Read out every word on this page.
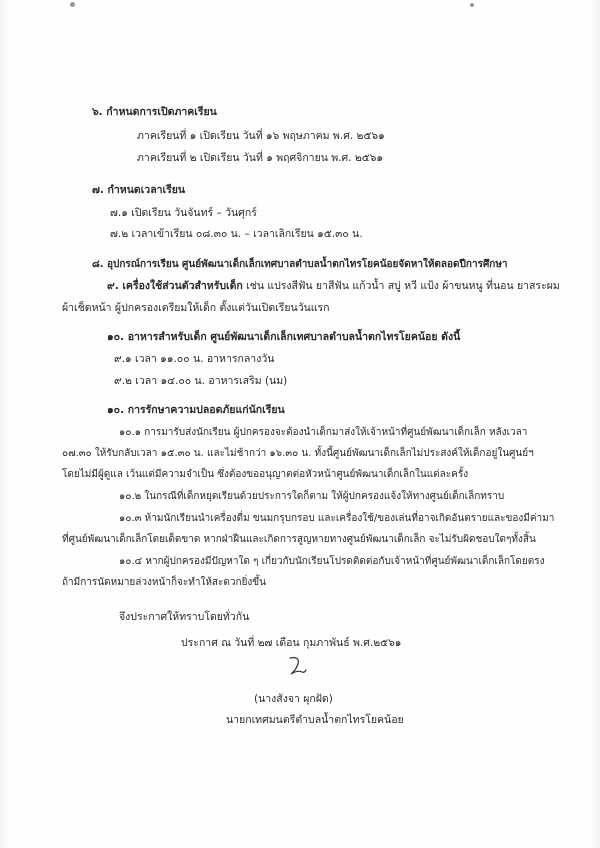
๖. กำหนดการเปิดภาคเรียน
ภาคเรียนที่ ๑ เปิดเรียน วันที่ ๑๖ พฤษภาคม พ.ศ. ๒๕๖๑
ภาคเรียนที่ ๒ เปิดเรียน วันที่ ๑ พฤศจิกายน พ.ศ. ๒๕๖๑
๗. กำหนดเวลาเรียน
๗.๑ เปิดเรียน วันจันทร์ – วันศุกร์
๗.๒ เวลาเข้าเรียน ๐๘.๓๐ น. – เวลาเลิกเรียน ๑๕.๓๐ น.
๘. อุปกรณ์การเรียน ศูนย์พัฒนาเด็กเล็กเทศบาลตำบลน้ำตกไทรโยคน้อยจัดหาให้ตลอดปีการศึกษา
๙. เครื่องใช้ส่วนตัวสำหรับเด็ก เช่น แปรงสีฟัน ยาสีฟัน แก้วน้ำ สบู่ หวี แป้ง ผ้าขนหนู ที่นอน ยาสระผม
ผ้าเช็ดหน้า ผู้ปกครองเตรียมให้เด็ก ตั้งแต่วันเปิดเรียนวันแรก
๑๐. อาหารสำหรับเด็ก ศูนย์พัฒนาเด็กเล็กเทศบาลตำบลน้ำตกไทรโยคน้อย ดังนี้
๙.๑ เวลา ๑๑.๐๐ น. อาหารกลางวัน
๙.๒ เวลา ๑๔.๐๐ น. อาหารเสริม (นม)
๑๐. การรักษาความปลอดภัยแก่นักเรียน
๑๐.๑ การมารับส่งนักเรียน ผู้ปกครองจะต้องนำเด็กมาส่งให้เจ้าหน้าที่ศูนย์พัฒนาเด็กเล็ก หลังเวลา
๐๗.๓๐ ให้รับกลับเวลา ๑๕.๓๐ น. และไม่ช้ากว่า ๑๖.๓๐ น. ทั้งนี้ศูนย์พัฒนาเด็กเล็กไม่ประสงค์ให้เด็กอยู่ในศูนย์ฯ
โดยไม่มีผู้ดูแล เว้นแต่มีความจำเป็น ซึ่งต้องขออนุญาตต่อหัวหน้าศูนย์พัฒนาเด็กเล็กในแต่ละครั้ง
๑๐.๒ ในกรณีที่เด็กหยุดเรียนด้วยประการใดก็ตาม ให้ผู้ปกครองแจ้งให้ทางศูนย์เด็กเล็กทราบ
๑๐.๓ ห้ามนักเรียนนำเครื่องดื่ม ขนมกรุบกรอบ และเครื่องใช้/ของเล่นที่อาจเกิดอันตรายและของมีค่ามา
ที่ศูนย์พัฒนาเด็กเล็กโดยเด็ดขาด หากฝ่าฝืนและเกิดการสูญหายทางศูนย์พัฒนาเด็กเล็ก จะไม่รับผิดชอบใดๆทั้งสิ้น
๑๐.๔ หากผู้ปกครองมีปัญหาใด ๆ เกี่ยวกับนักเรียนโปรดติดต่อกับเจ้าหน้าที่ศูนย์พัฒนาเด็กเล็กโดยตรง
ถ้ามีการนัดหมายล่วงหน้าก็จะทำให้สะดวกยิ่งขึ้น
จึงประกาศให้ทราบโดยทั่วกัน
ประกาศ ณ วันที่ ๒๗ เดือน กุมภาพันธ์ พ.ศ.๒๕๖๑
(นางสังจา ผุกฝัด)
นายกเทศมนตรีตำบลน้ำตกไทรโยคน้อย
